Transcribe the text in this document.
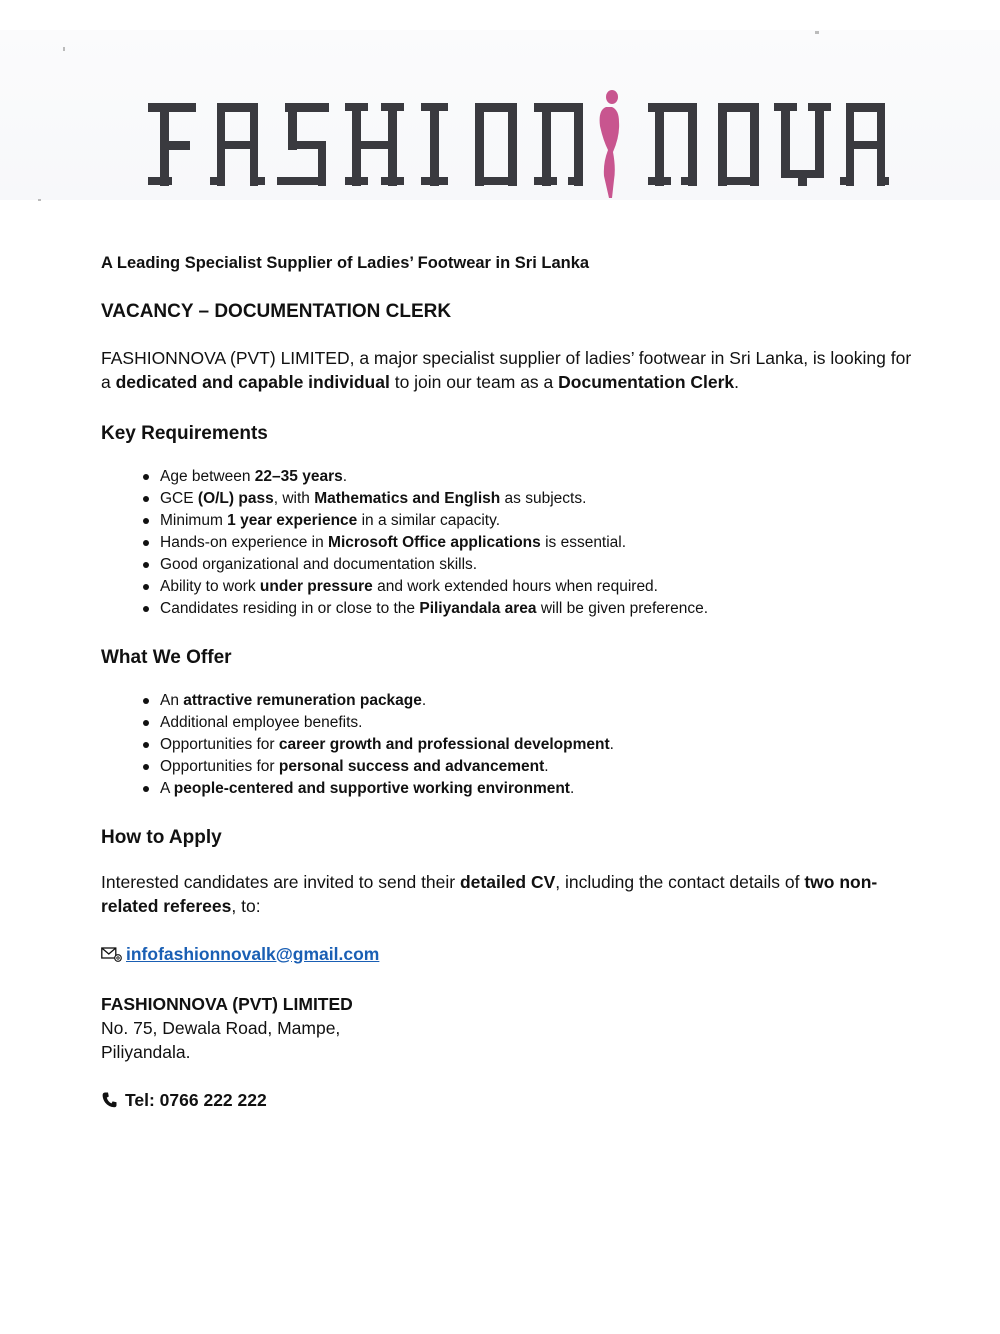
A Leading Specialist Supplier of Ladies’ Footwear in Sri Lanka
VACANCY – DOCUMENTATION CLERK
FASHIONNOVA (PVT) LIMITED, a major specialist supplier of ladies’ footwear in Sri Lanka, is looking for a dedicated and capable individual to join our team as a Documentation Clerk.
Key Requirements
Age between 22–35 years.
GCE (O/L) pass, with Mathematics and English as subjects.
Minimum 1 year experience in a similar capacity.
Hands-on experience in Microsoft Office applications is essential.
Good organizational and documentation skills.
Ability to work under pressure and work extended hours when required.
Candidates residing in or close to the Piliyandala area will be given preference.
What We Offer
An attractive remuneration package.
Additional employee benefits.
Opportunities for career growth and professional development.
Opportunities for personal success and advancement.
A people-centered and supportive working environment.
How to Apply
Interested candidates are invited to send their detailed CV, including the contact details of two non-related referees, to:
infofashionnovalk@gmail.com
FASHIONNOVA (PVT) LIMITED
No. 75, Dewala Road, Mampe,
Piliyandala.
Tel: 0766 222 222
